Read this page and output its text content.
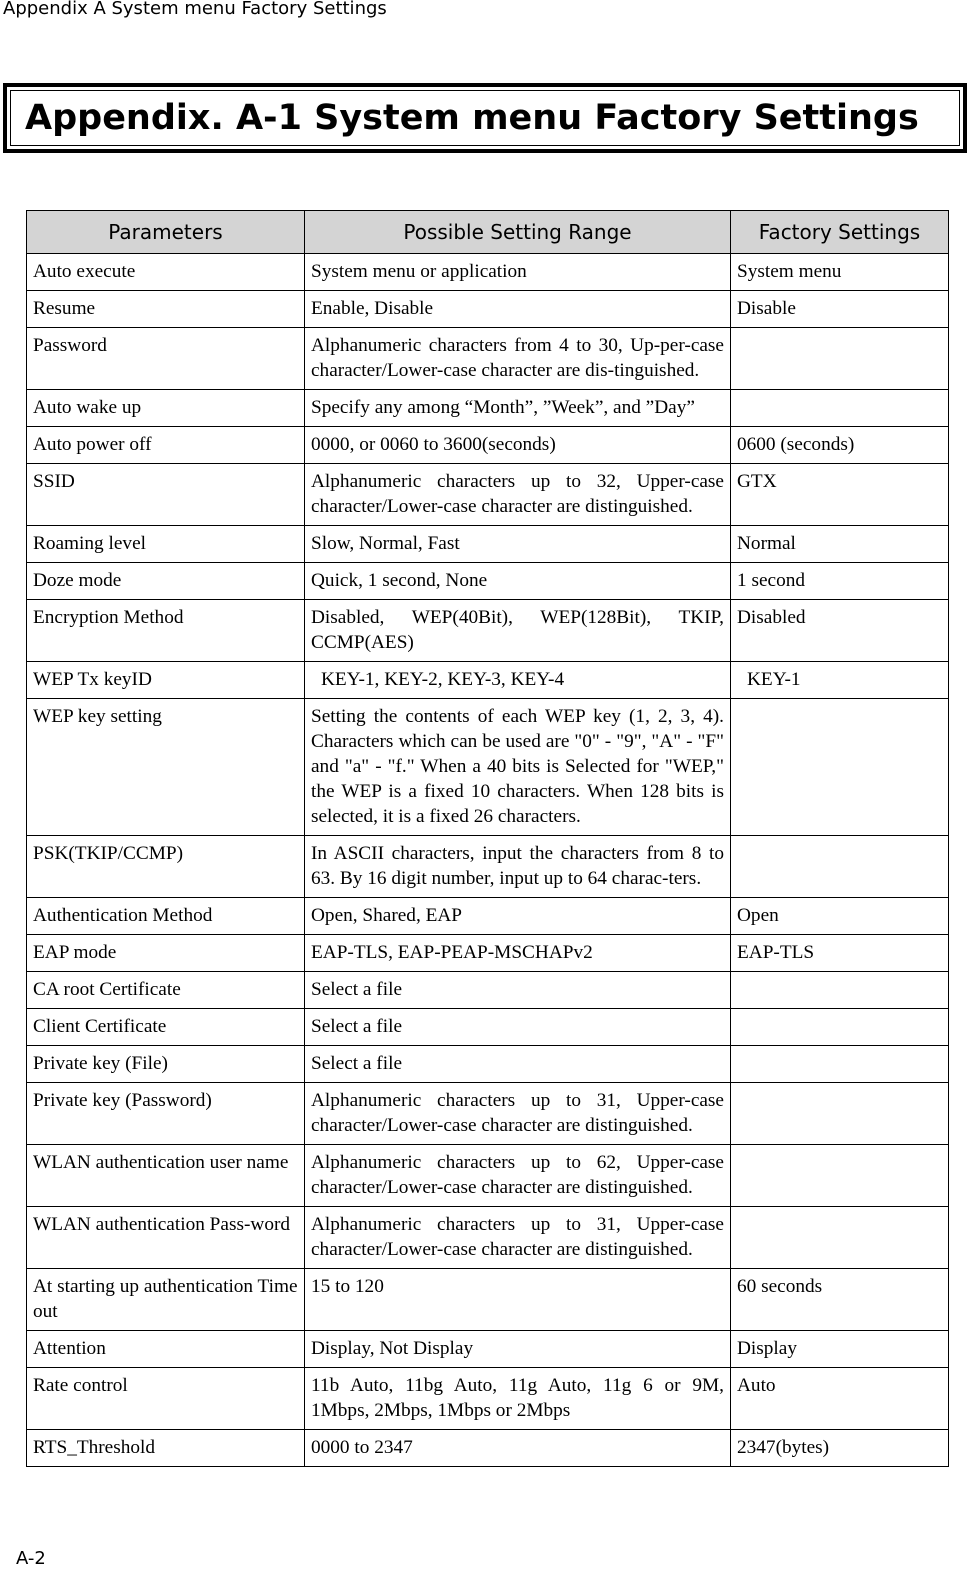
Appendix A System menu Factory Settings
Appendix. A-1 System menu Factory Settings
Parameters	Possible Setting Range	Factory Settings
Auto execute	System menu or application	System menu
Resume	Enable, Disable	Disable
Password	Alphanumeric characters from 4 to 30, Up-per-case character/Lower-case character are dis-tinguished.	
Auto wake up	Specify any among “Month”, ”Week”, and ”Day”	
Auto power off	0000, or 0060 to 3600(seconds)	0600 (seconds)
SSID	Alphanumeric characters up to 32, Upper-case character/Lower-case character are distinguished.	GTX
Roaming level	Slow, Normal, Fast	Normal
Doze mode	Quick, 1 second, None	1 second
Encryption Method	Disabled, WEP(40Bit), WEP(128Bit), TKIP, CCMP(AES)	Disabled
WEP Tx keyID	KEY-1, KEY-2, KEY-3, KEY-4	KEY-1
WEP key setting	Setting the contents of each WEP key (1, 2, 3, 4). Characters which can be used are "0" - "9", "A" - "F" and "a" - "f." When a 40 bits is Selected for "WEP," the WEP is a fixed 10 characters. When 128 bits is selected, it is a fixed 26 characters.	
PSK(TKIP/CCMP)	In ASCII characters, input the characters from 8 to 63. By 16 digit number, input up to 64 charac-ters.	
Authentication Method	Open, Shared, EAP	Open
EAP mode	EAP-TLS, EAP-PEAP-MSCHAPv2	EAP-TLS
CA root Certificate	Select a file	
Client Certificate	Select a file	
Private key (File)	Select a file	
Private key (Password)	Alphanumeric characters up to 31, Upper-case character/Lower-case character are distinguished.	
WLAN authentication user name	Alphanumeric characters up to 62, Upper-case character/Lower-case character are distinguished.	
WLAN authentication Pass-word	Alphanumeric characters up to 31, Upper-case character/Lower-case character are distinguished.	
At starting up authentication Time out	15 to 120	60 seconds
Attention	Display, Not Display	Display
Rate control	11b Auto, 11bg Auto, 11g Auto, 11g 6 or 9M, 1Mbps, 2Mbps, 1Mbps or 2Mbps	Auto
RTS_Threshold	0000 to 2347	2347(bytes)
A-2
